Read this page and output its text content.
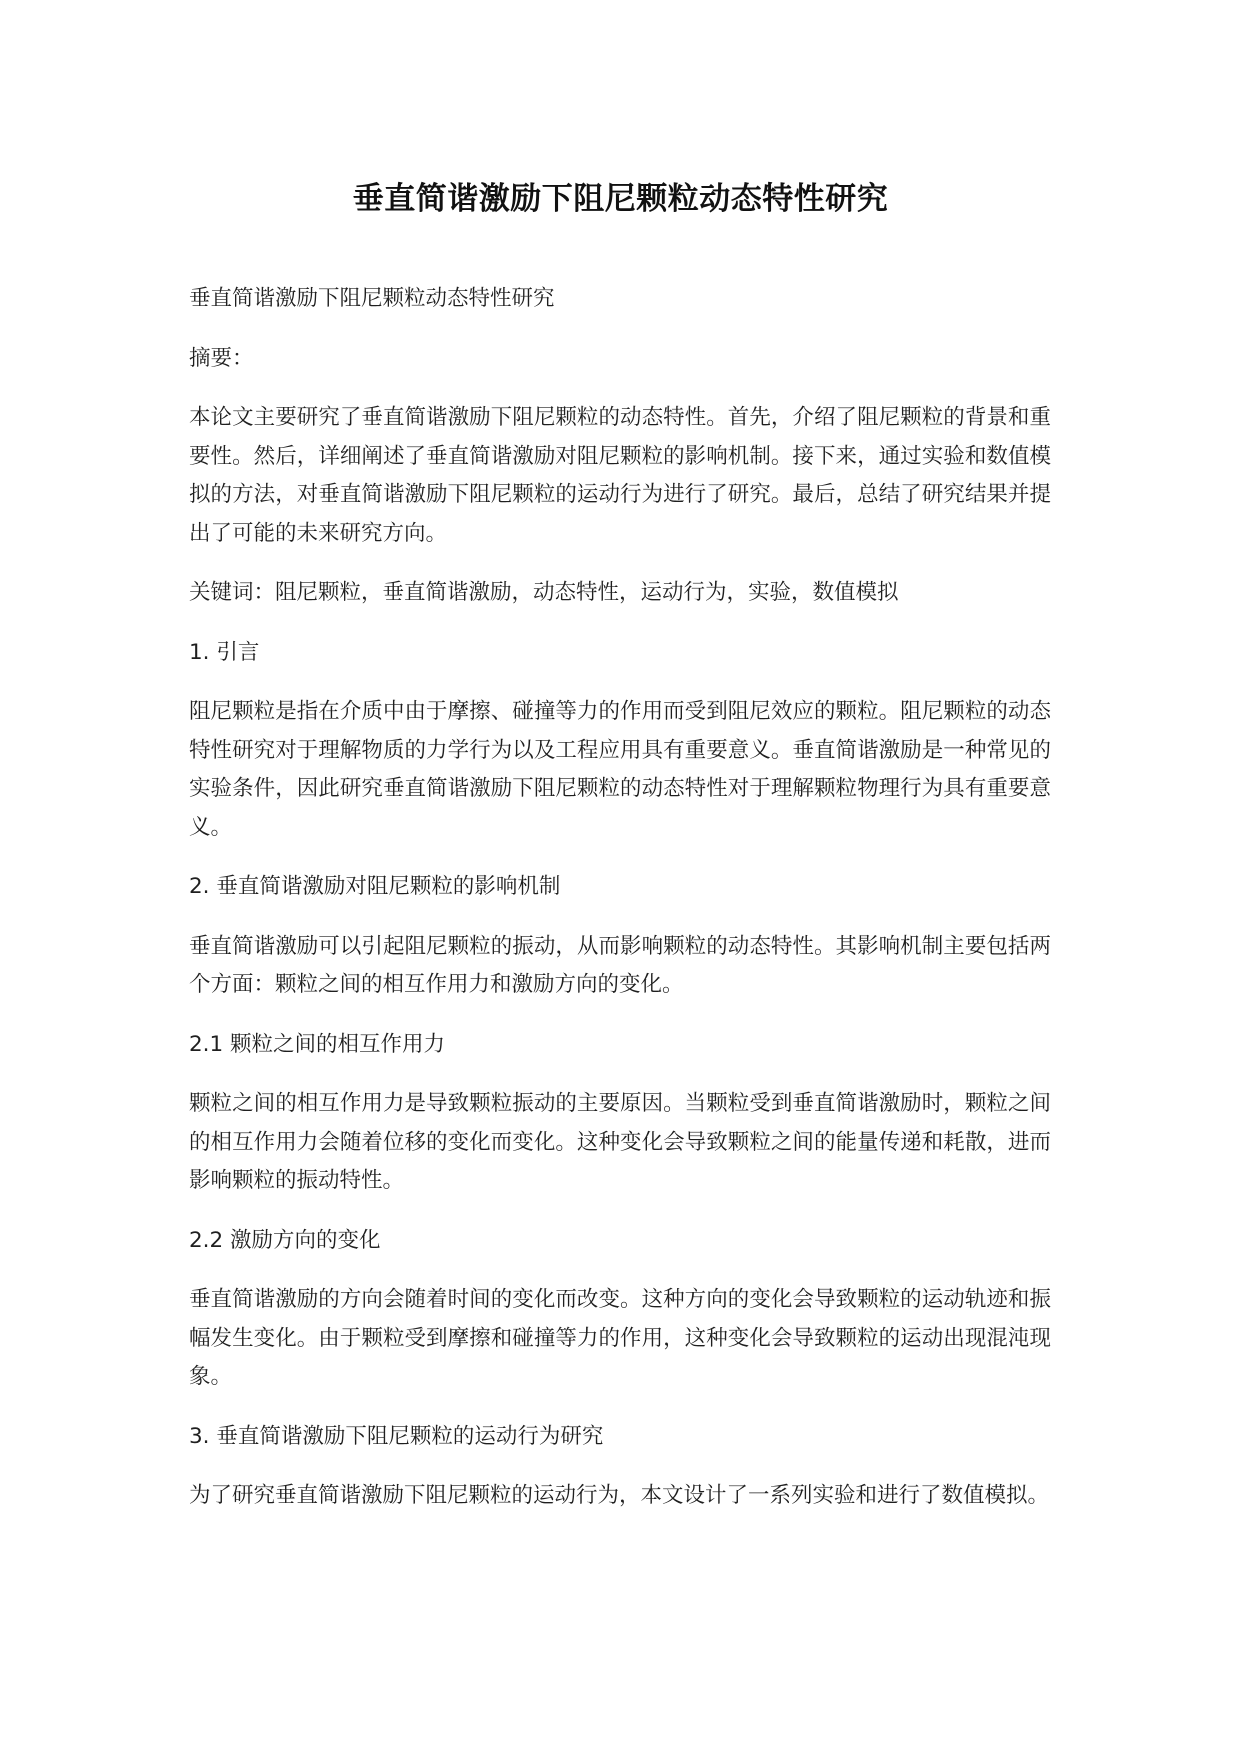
垂直简谐激励下阻尼颗粒动态特性研究

垂直简谐激励下阻尼颗粒动态特性研究

摘要：

本论文主要研究了垂直简谐激励下阻尼颗粒的动态特性。首先，介绍了阻尼颗粒的背景和重要性。然后，详细阐述了垂直简谐激励对阻尼颗粒的影响机制。接下来，通过实验和数值模拟的方法，对垂直简谐激励下阻尼颗粒的运动行为进行了研究。最后，总结了研究结果并提出了可能的未来研究方向。

关键词：阻尼颗粒，垂直简谐激励，动态特性，运动行为，实验，数值模拟

1. 引言

阻尼颗粒是指在介质中由于摩擦、碰撞等力的作用而受到阻尼效应的颗粒。阻尼颗粒的动态特性研究对于理解物质的力学行为以及工程应用具有重要意义。垂直简谐激励是一种常见的实验条件，因此研究垂直简谐激励下阻尼颗粒的动态特性对于理解颗粒物理行为具有重要意义。

2. 垂直简谐激励对阻尼颗粒的影响机制

垂直简谐激励可以引起阻尼颗粒的振动，从而影响颗粒的动态特性。其影响机制主要包括两个方面：颗粒之间的相互作用力和激励方向的变化。

2.1 颗粒之间的相互作用力

颗粒之间的相互作用力是导致颗粒振动的主要原因。当颗粒受到垂直简谐激励时，颗粒之间的相互作用力会随着位移的变化而变化。这种变化会导致颗粒之间的能量传递和耗散，进而影响颗粒的振动特性。

2.2 激励方向的变化

垂直简谐激励的方向会随着时间的变化而改变。这种方向的变化会导致颗粒的运动轨迹和振幅发生变化。由于颗粒受到摩擦和碰撞等力的作用，这种变化会导致颗粒的运动出现混沌现象。

3. 垂直简谐激励下阻尼颗粒的运动行为研究

为了研究垂直简谐激励下阻尼颗粒的运动行为，本文设计了一系列实验和进行了数值模拟。
